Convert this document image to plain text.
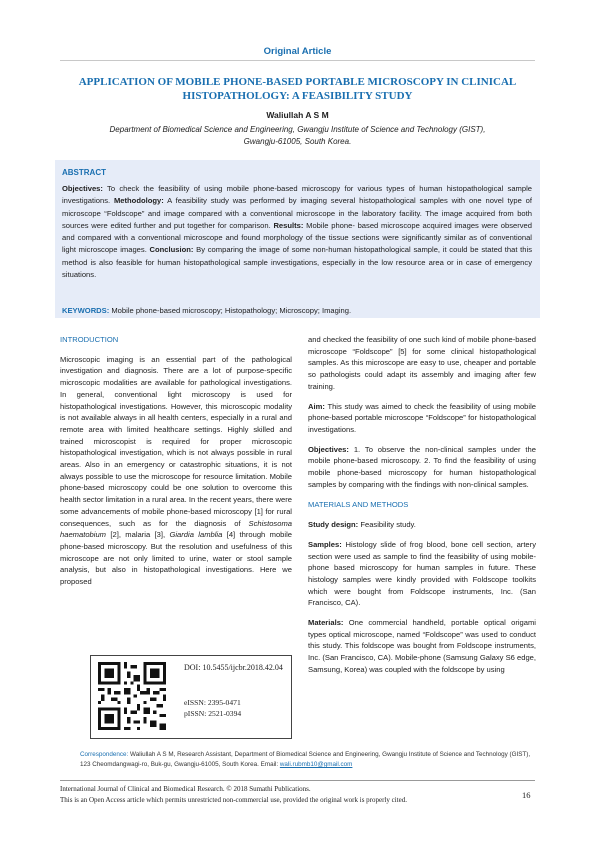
Original Article
APPLICATION OF MOBILE PHONE-BASED PORTABLE MICROSCOPY IN CLINICAL HISTOPATHOLOGY: A FEASIBILITY STUDY
Waliullah A S M
Department of Biomedical Science and Engineering, Gwangju Institute of Science and Technology (GIST), Gwangju-61005, South Korea.
ABSTRACT
Objectives: To check the feasibility of using mobile phone-based microscopy for various types of human histopathological sample investigations. Methodology: A feasibility study was performed by imaging several histopathological samples with one novel type of microscope “Foldscope” and image compared with a conventional microscope in the laboratory facility. The image acquired from both sources were edited further and put together for comparison. Results: Mobile phone- based microscope acquired images were observed and compared with a conventional microscope and found morphology of the tissue sections were significantly similar as of conventional light microscope images. Conclusion: By comparing the image of some non-human histopathological sample, it could be stated that this method is also feasible for human histopathological sample investigations, especially in the low resource area or in case of emergency situations.
KEYWORDS: Mobile phone-based microscopy; Histopathology; Microscopy; Imaging.
INTRODUCTION
Microscopic imaging is an essential part of the pathological investigation and diagnosis. There are a lot of purpose-specific microscopic modalities are available for pathological investigations. In general, conventional light microscopy is used for histopathological investigations. However, this microscopic modality is not available always in all health centers, especially in a rural and remote area with limited healthcare settings. Highly skilled and trained microscopist is required for proper microscopic histopathological investigation, which is not always possible in rural areas. Also in an emergency or catastrophic situations, it is not always possible to use the microscope for resource limitation. Mobile phone-based microscopy could be one solution to overcome this health sector limitation in a rural area. In the recent years, there were some advancements of mobile phone-based microscopy [1] for rural consequences, such as for the diagnosis of Schistosoma haematobium [2], malaria [3], Giardia lamblia [4] through mobile phone-based microscopy. But the resolution and usefulness of this microscope are not only limited to urine, water or stool sample analysis, but also in histopathological investigations. Here we proposed
and checked the feasibility of one such kind of mobile phone-based microscope “Foldscope” [5] for some clinical histopathological samples. As this microscope are easy to use, cheaper and portable so pathologists could adapt its assembly and imaging after few training.
Aim: This study was aimed to check the feasibility of using mobile phone-based portable microscope “Foldscope” for histopathological investigations.
Objectives: 1. To observe the non-clinical samples under the mobile phone-based microscopy. 2. To find the feasibility of using mobile phone-based microscopy for human histopathological samples by comparing with the findings with non-clinical samples.
MATERIALS AND METHODS
Study design: Feasibility study.
Samples: Histology slide of frog blood, bone cell section, artery section were used as sample to find the feasibility of using mobile-phone based microscopy for human samples in future. These histology samples were kindly provided with Foldscope toolkits which were bought from Foldscope instruments, Inc. (San Francisco, CA).
Materials: One commercial handheld, portable optical origami types optical microscope, named “Foldscope” was used to conduct this study. This foldscope was bought from Foldscope instruments, Inc. (San Francisco, CA). Mobile-phone (Samsung Galaxy S6 edge, Samsung, Korea) was coupled with the foldscope by using
DOI: 10.5455/ijcbr.2018.42.04
eISSN: 2395-0471
pISSN: 2521-0394
Correspondence: Waliullah A S M, Research Assistant, Department of Biomedical Science and Engineering, Gwangju Institute of Science and Technology (GIST), 123 Cheomdangwagi-ro, Buk-gu, Gwangju-61005, South Korea. Email: wali.rubmb10@gmail.com
International Journal of Clinical and Biomedical Research. © 2018 Sumathi Publications.
This is an Open Access article which permits unrestricted non-commercial use, provided the original work is properly cited.	16
